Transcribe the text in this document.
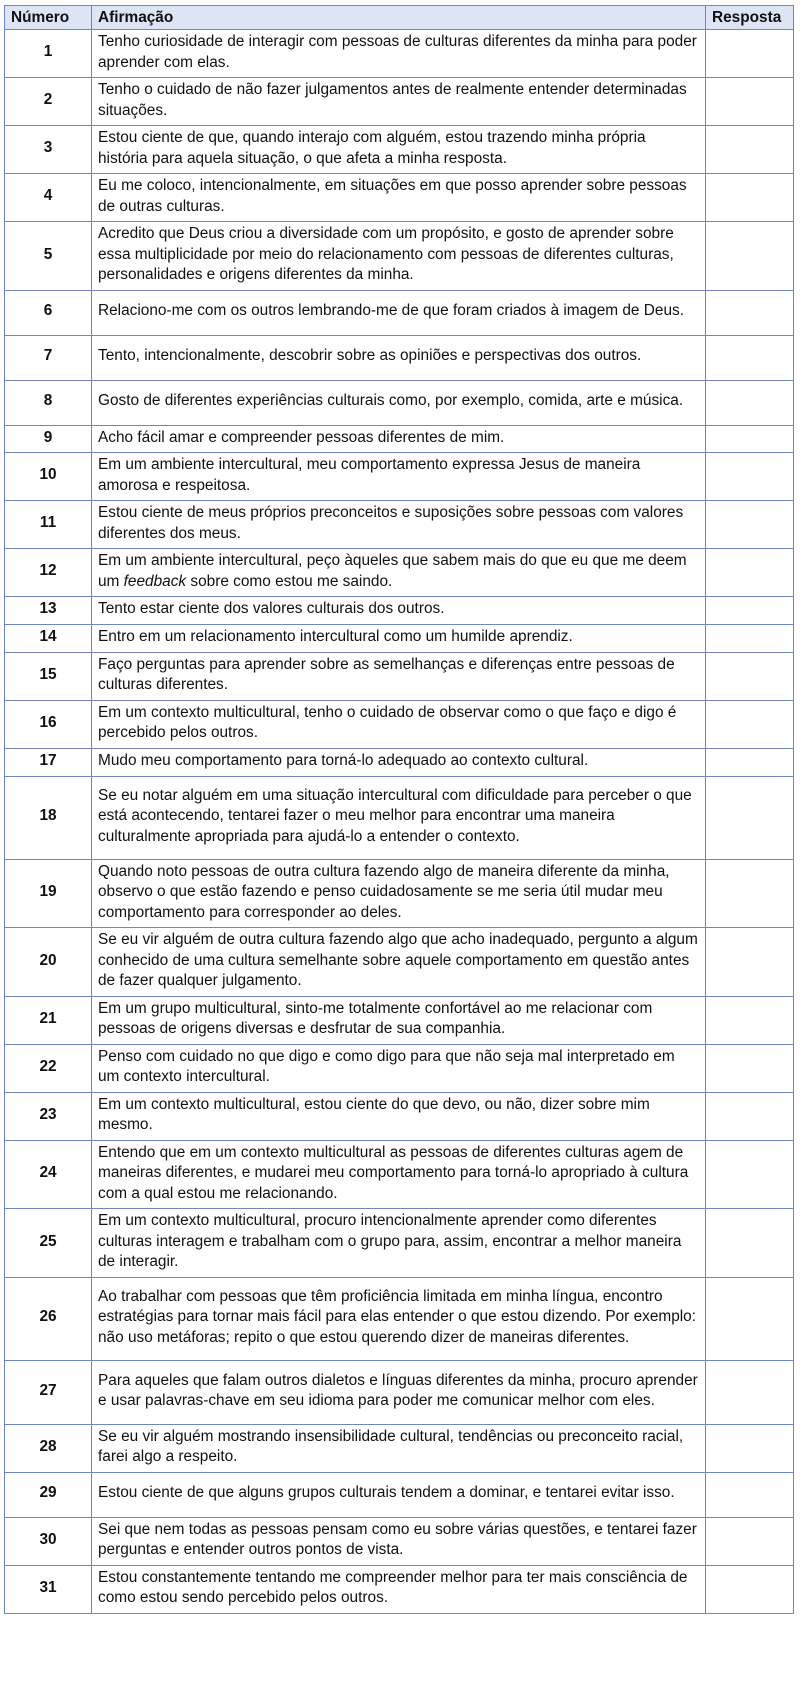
Número	Afirmação	Resposta
1	Tenho curiosidade de interagir com pessoas de culturas diferentes da minha para poder aprender com elas.	
2	Tenho o cuidado de não fazer julgamentos antes de realmente entender determinadas situações.	
3	Estou ciente de que, quando interajo com alguém, estou trazendo minha própria história para aquela situação, o que afeta a minha resposta.	
4	Eu me coloco, intencionalmente, em situações em que posso aprender sobre pessoas de outras culturas.	
5	Acredito que Deus criou a diversidade com um propósito, e gosto de aprender sobre essa multiplicidade por meio do relacionamento com pessoas de diferentes culturas, personalidades e origens diferentes da minha.	
6	Relaciono-me com os outros lembrando-me de que foram criados à imagem de Deus.	
7	Tento, intencionalmente, descobrir sobre as opiniões e perspectivas dos outros.	
8	Gosto de diferentes experiências culturais como, por exemplo, comida, arte e música.	
9	Acho fácil amar e compreender pessoas diferentes de mim.	
10	Em um ambiente intercultural, meu comportamento expressa Jesus de maneira amorosa e respeitosa.	
11	Estou ciente de meus próprios preconceitos e suposições sobre pessoas com valores diferentes dos meus.	
12	Em um ambiente intercultural, peço àqueles que sabem mais do que eu que me deem um feedback sobre como estou me saindo.	
13	Tento estar ciente dos valores culturais dos outros.	
14	Entro em um relacionamento intercultural como um humilde aprendiz.	
15	Faço perguntas para aprender sobre as semelhanças e diferenças entre pessoas de culturas diferentes.	
16	Em um contexto multicultural, tenho o cuidado de observar como o que faço e digo é percebido pelos outros.	
17	Mudo meu comportamento para torná-lo adequado ao contexto cultural.	
18	Se eu notar alguém em uma situação intercultural com dificuldade para perceber o que está acontecendo, tentarei fazer o meu melhor para encontrar uma maneira culturalmente apropriada para ajudá-lo a entender o contexto.	
19	Quando noto pessoas de outra cultura fazendo algo de maneira diferente da minha, observo o que estão fazendo e penso cuidadosamente se me seria útil mudar meu comportamento para corresponder ao deles.	
20	Se eu vir alguém de outra cultura fazendo algo que acho inadequado, pergunto a algum conhecido de uma cultura semelhante sobre aquele comportamento em questão antes de fazer qualquer julgamento.	
21	Em um grupo multicultural, sinto-me totalmente confortável ao me relacionar com pessoas de origens diversas e desfrutar de sua companhia.	
22	Penso com cuidado no que digo e como digo para que não seja mal interpretado em um contexto intercultural.	
23	Em um contexto multicultural, estou ciente do que devo, ou não, dizer sobre mim mesmo.	
24	Entendo que em um contexto multicultural as pessoas de diferentes culturas agem de maneiras diferentes, e mudarei meu comportamento para torná-lo apropriado à cultura com a qual estou me relacionando.	
25	Em um contexto multicultural, procuro intencionalmente aprender como diferentes culturas interagem e trabalham com o grupo para, assim, encontrar a melhor maneira de interagir.	
26	Ao trabalhar com pessoas que têm proficiência limitada em minha língua, encontro estratégias para tornar mais fácil para elas entender o que estou dizendo. Por exemplo: não uso metáforas; repito o que estou querendo dizer de maneiras diferentes.	
27	Para aqueles que falam outros dialetos e línguas diferentes da minha, procuro aprender e usar palavras-chave em seu idioma para poder me comunicar melhor com eles.	
28	Se eu vir alguém mostrando insensibilidade cultural, tendências ou preconceito racial, farei algo a respeito.	
29	Estou ciente de que alguns grupos culturais tendem a dominar, e tentarei evitar isso.	
30	Sei que nem todas as pessoas pensam como eu sobre várias questões, e tentarei fazer perguntas e entender outros pontos de vista.	
31	Estou constantemente tentando me compreender melhor para ter mais consciência de como estou sendo percebido pelos outros.	
